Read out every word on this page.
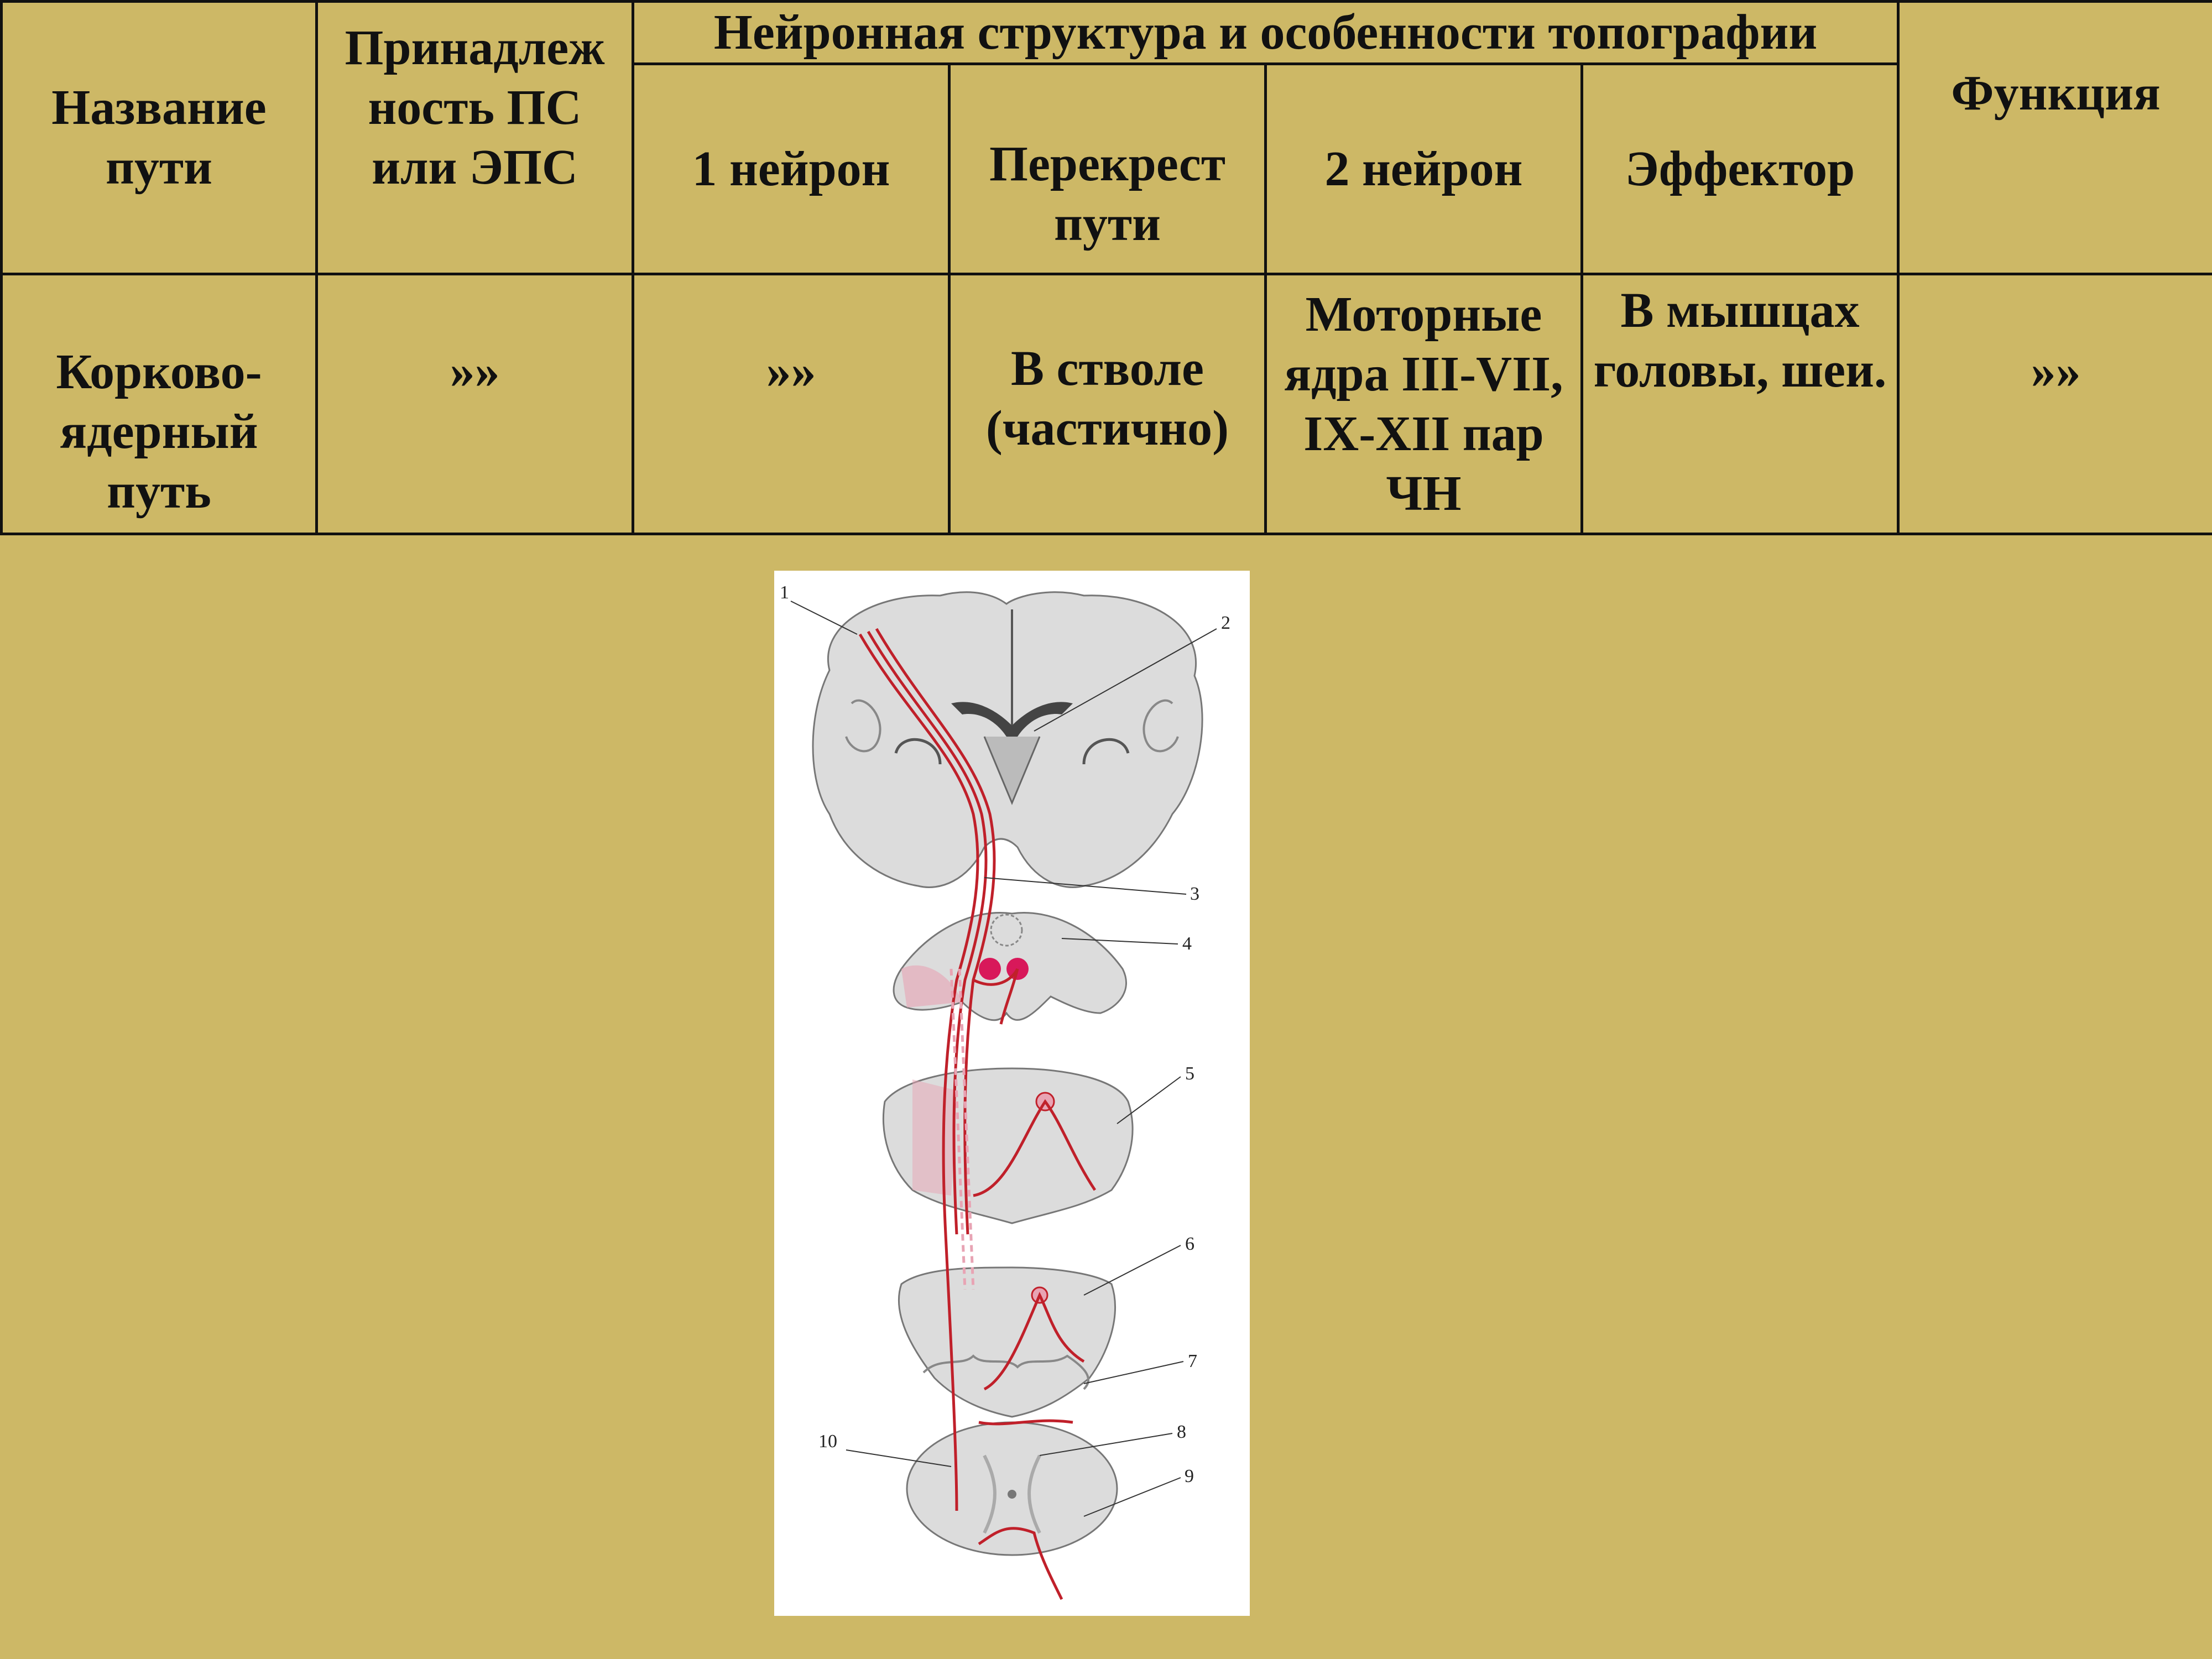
Название пути	Принадлеж ность ПС или ЭПС	Нейронная структура и особенности топографии				Функция
		1 нейрон	Перекрест пути	2 нейрон	Эффектор	
Корково-ядерный путь	»»	»»	В стволе (частично)	Моторные ядра III-VII, IX-XII пар ЧН	В мышцах головы, шеи.	»»
1
2
3
4
5
6
7
8
9
10
